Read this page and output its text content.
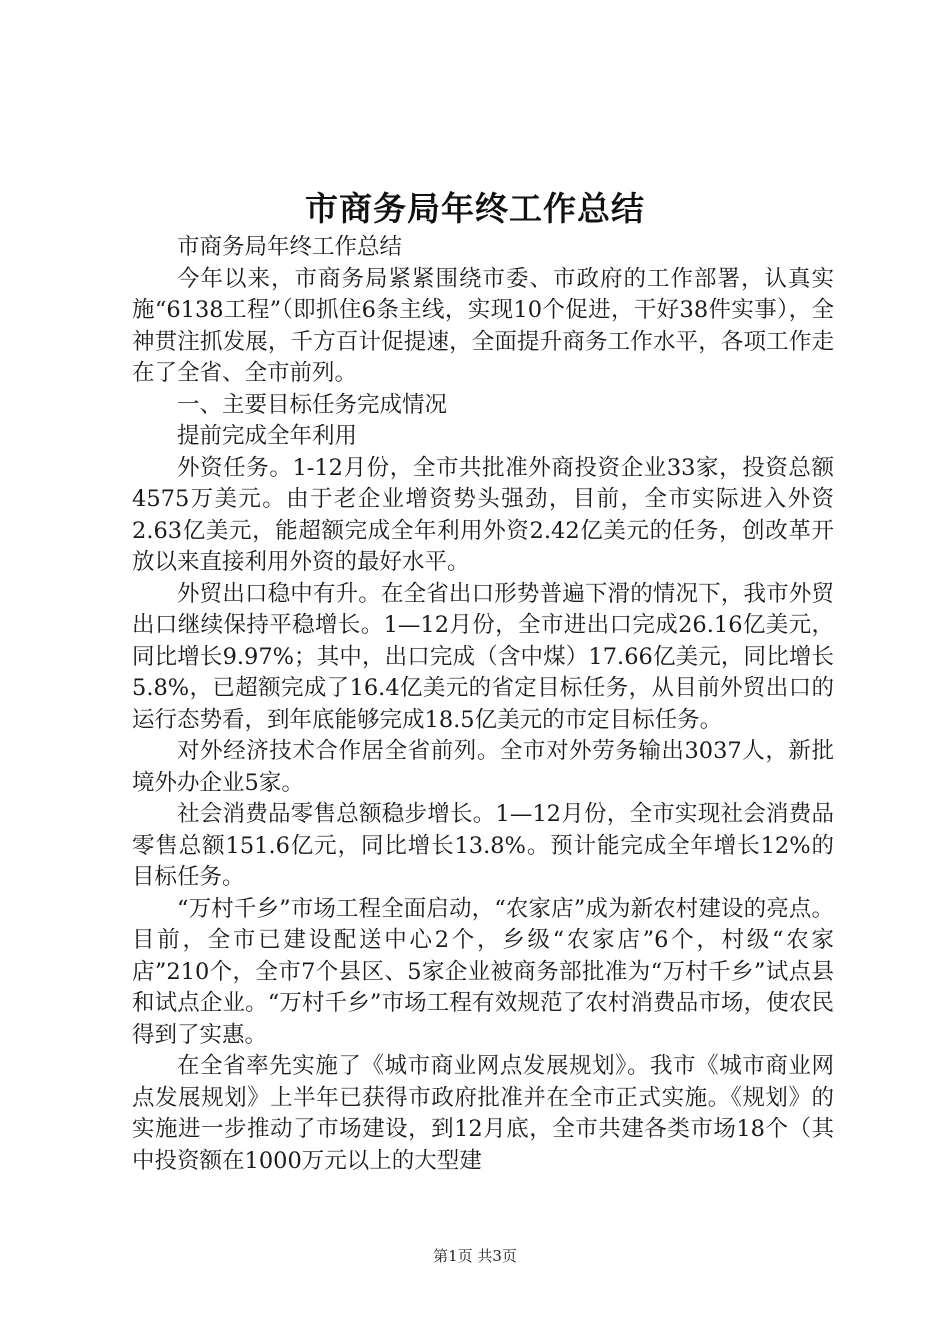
市商务局年终工作总结

市商务局年终工作总结

今年以来，市商务局紧紧围绕市委、市政府的工作部署，认真实施“6138工程”（即抓住6条主线，实现10个促进，干好38件实事），全神贯注抓发展，千方百计促提速，全面提升商务工作水平，各项工作走在了全省、全市前列。

一、主要目标任务完成情况

提前完成全年利用

外资任务。1-12月份，全市共批准外商投资企业33家，投资总额4575万美元。由于老企业增资势头强劲，目前，全市实际进入外资2.63亿美元，能超额完成全年利用外资2.42亿美元的任务，创改革开放以来直接利用外资的最好水平。

外贸出口稳中有升。在全省出口形势普遍下滑的情况下，我市外贸出口继续保持平稳增长。1—12月份，全市进出口完成26.16亿美元，同比增长9.97%；其中，出口完成（含中煤）17.66亿美元，同比增长5.8%，已超额完成了16.4亿美元的省定目标任务，从目前外贸出口的运行态势看，到年底能够完成18.5亿美元的市定目标任务。

对外经济技术合作居全省前列。全市对外劳务输出3037人，新批境外办企业5家。

社会消费品零售总额稳步增长。1—12月份，全市实现社会消费品零售总额151.6亿元，同比增长13.8%。预计能完成全年增长12%的目标任务。

“万村千乡”市场工程全面启动，“农家店”成为新农村建设的亮点。目前，全市已建设配送中心2个，乡级“农家店”6个，村级“农家店”210个，全市7个县区、5家企业被商务部批准为“万村千乡”试点县和试点企业。“万村千乡”市场工程有效规范了农村消费品市场，使农民得到了实惠。

在全省率先实施了《城市商业网点发展规划》。我市《城市商业网点发展规划》上半年已获得市政府批准并在全市正式实施。《规划》的实施进一步推动了市场建设，到12月底，全市共建各类市场18个（其中投资额在1000万元以上的大型建

第1页 共3页
